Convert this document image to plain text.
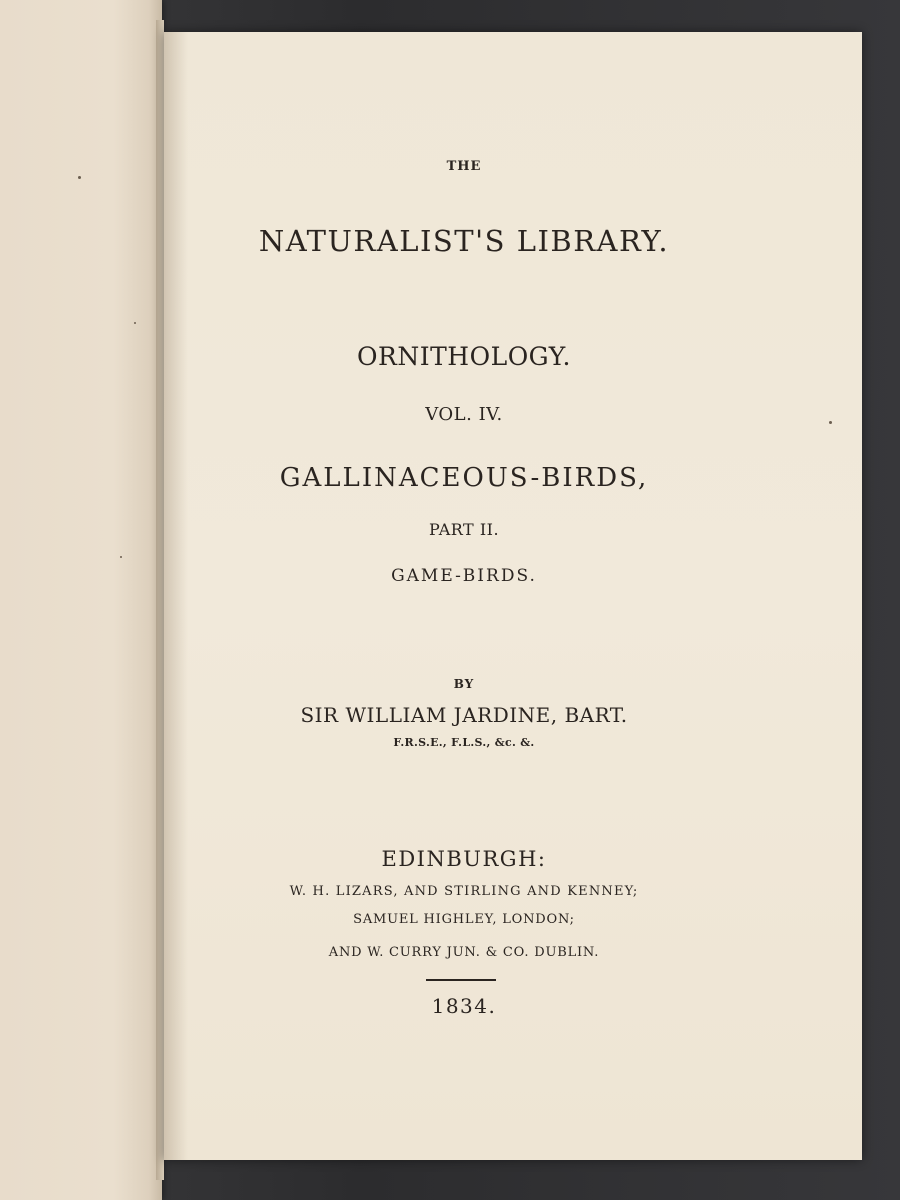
THE
NATURALIST'S LIBRARY.
ORNITHOLOGY.
VOL. IV.
GALLINACEOUS-BIRDS,
PART II.
GAME-BIRDS.
BY
SIR WILLIAM JARDINE, BART.
F.R.S.E., F.L.S., &c. &.
EDINBURGH:
W. H. LIZARS, AND STIRLING AND KENNEY;
SAMUEL HIGHLEY, LONDON;
AND W. CURRY JUN. & CO. DUBLIN.
1834.
